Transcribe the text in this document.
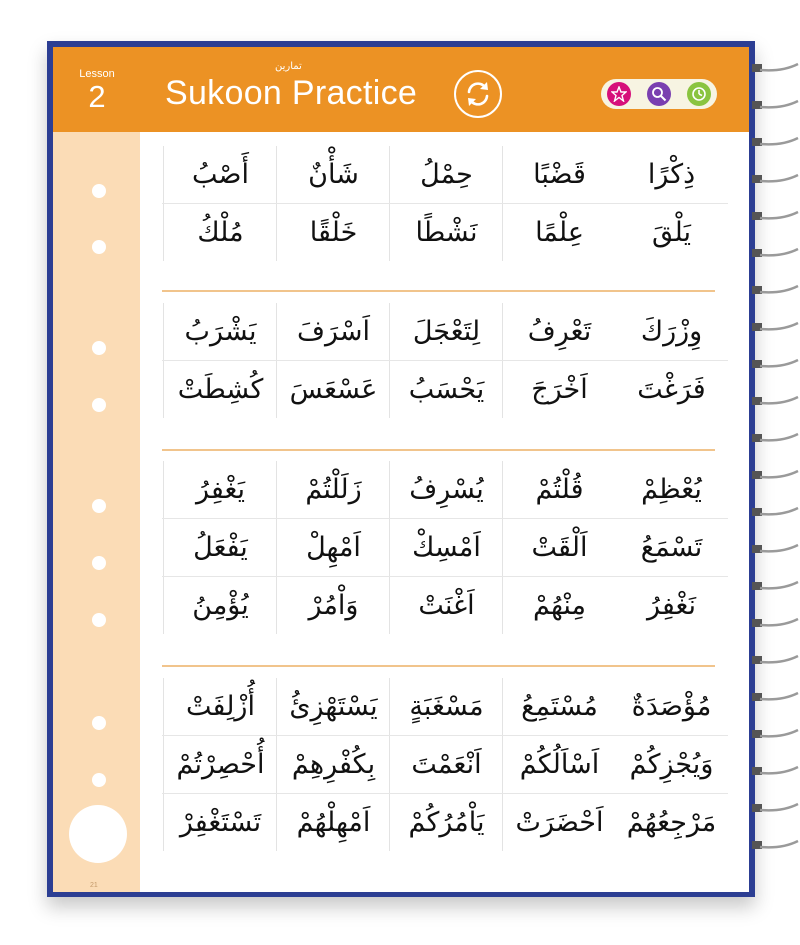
Lesson
2
تمارين
Sukoon Practice
21
ذِكْرًا
قَضْبًا
حِمْلُ
شَأْنٌ
أَصْبُ
يَلْقَ
عِلْمًا
نَشْطًا
خَلْقًا
مُلْكُ
وِزْرَكَ
تَعْرِفُ
لِتَعْجَلَ
اَسْرَفَ
يَشْرَبُ
فَرَغْتَ
اَخْرَجَ
يَحْسَبُ
عَسْعَسَ
كُشِطَتْ
يُعْظِمْ
قُلْتُمْ
يُسْرِفُ
زَلَلْتُمْ
يَغْفِرُ
تَسْمَعُ
اَلْقَتْ
اَمْسِكْ
اَمْهِلْ
يَفْعَلُ
نَغْفِرُ
مِنْهُمْ
اَغْنَتْ
وَاْمُرْ
يُؤْمِنُ
مُؤْصَدَةٌ
مُسْتَمِعُ
مَسْغَبَةٍ
يَسْتَهْزِئُ
أُزْلِفَتْ
وَيُجْزِكُمْ
اَسْاَلُكُمْ
اَنْعَمْتَ
بِكُفْرِهِمْ
أُحْصِرْتُمْ
مَرْجِعُهُمْ
اَحْضَرَتْ
يَاْمُرُكُمْ
اَمْهِلْهُمْ
تَسْتَغْفِرْ
